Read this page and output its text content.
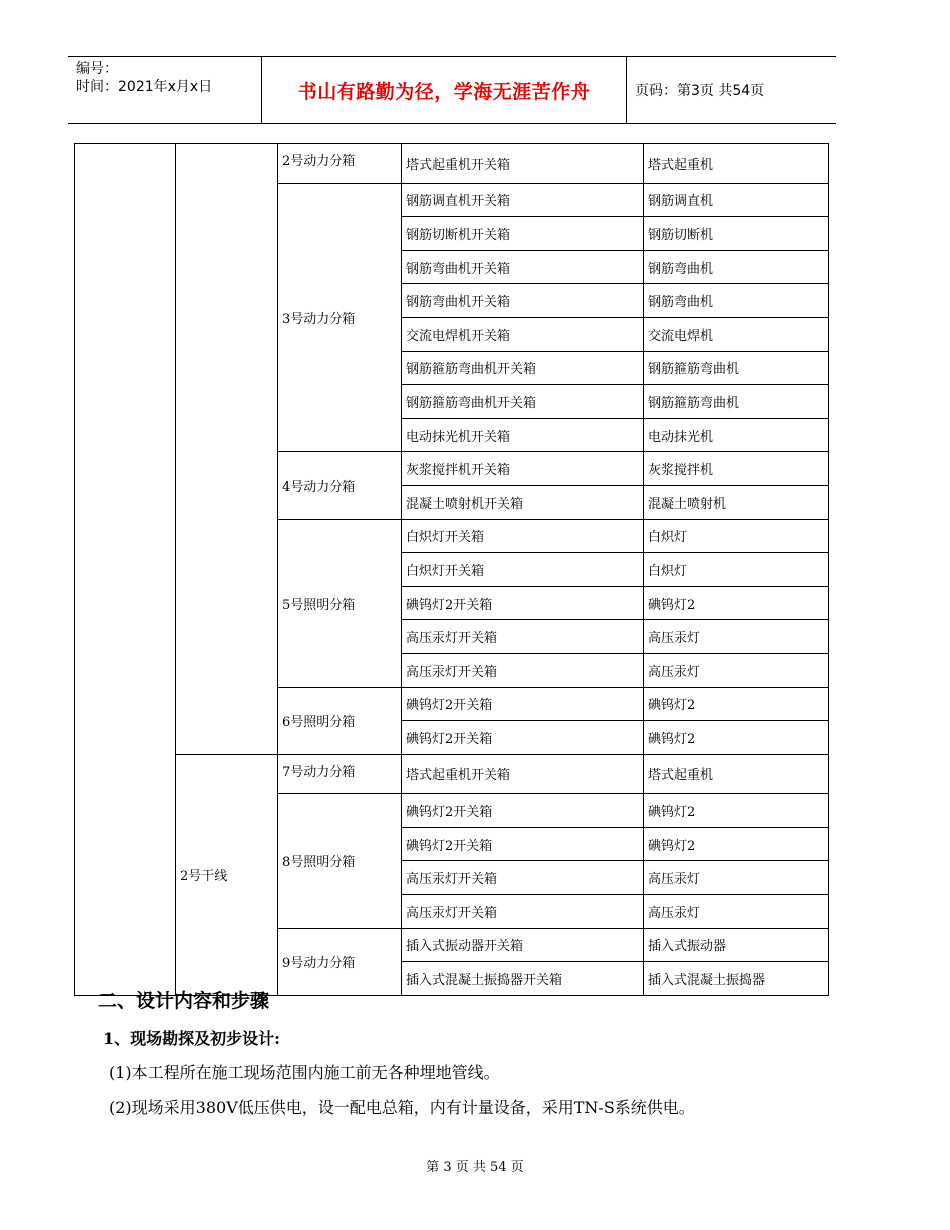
编号：
时间：2021年x月x日	书山有路勤为径，学海无涯苦作舟	页码：第3页 共54页
		2号动力分箱	塔式起重机开关箱	塔式起重机
		3号动力分箱	钢筋调直机开关箱	钢筋调直机
			钢筋切断机开关箱	钢筋切断机
			钢筋弯曲机开关箱	钢筋弯曲机
			钢筋弯曲机开关箱	钢筋弯曲机
			交流电焊机开关箱	交流电焊机
			钢筋箍筋弯曲机开关箱	钢筋箍筋弯曲机
			钢筋箍筋弯曲机开关箱	钢筋箍筋弯曲机
			电动抹光机开关箱	电动抹光机
		4号动力分箱	灰浆搅拌机开关箱	灰浆搅拌机
			混凝土喷射机开关箱	混凝土喷射机
		5号照明分箱	白炽灯开关箱	白炽灯
			白炽灯开关箱	白炽灯
			碘钨灯2开关箱	碘钨灯2
			高压汞灯开关箱	高压汞灯
			高压汞灯开关箱	高压汞灯
		6号照明分箱	碘钨灯2开关箱	碘钨灯2
			碘钨灯2开关箱	碘钨灯2
	2号干线	7号动力分箱	塔式起重机开关箱	塔式起重机
		8号照明分箱	碘钨灯2开关箱	碘钨灯2
			碘钨灯2开关箱	碘钨灯2
			高压汞灯开关箱	高压汞灯
			高压汞灯开关箱	高压汞灯
		9号动力分箱	插入式振动器开关箱	插入式振动器
			插入式混凝土振捣器开关箱	插入式混凝土振捣器
二、设计内容和步骤
1、现场勘探及初步设计:
(1)本工程所在施工现场范围内施工前无各种埋地管线。
(2)现场采用380V低压供电，设一配电总箱，内有计量设备，采用TN-S系统供电。
第 3 页 共 54 页
